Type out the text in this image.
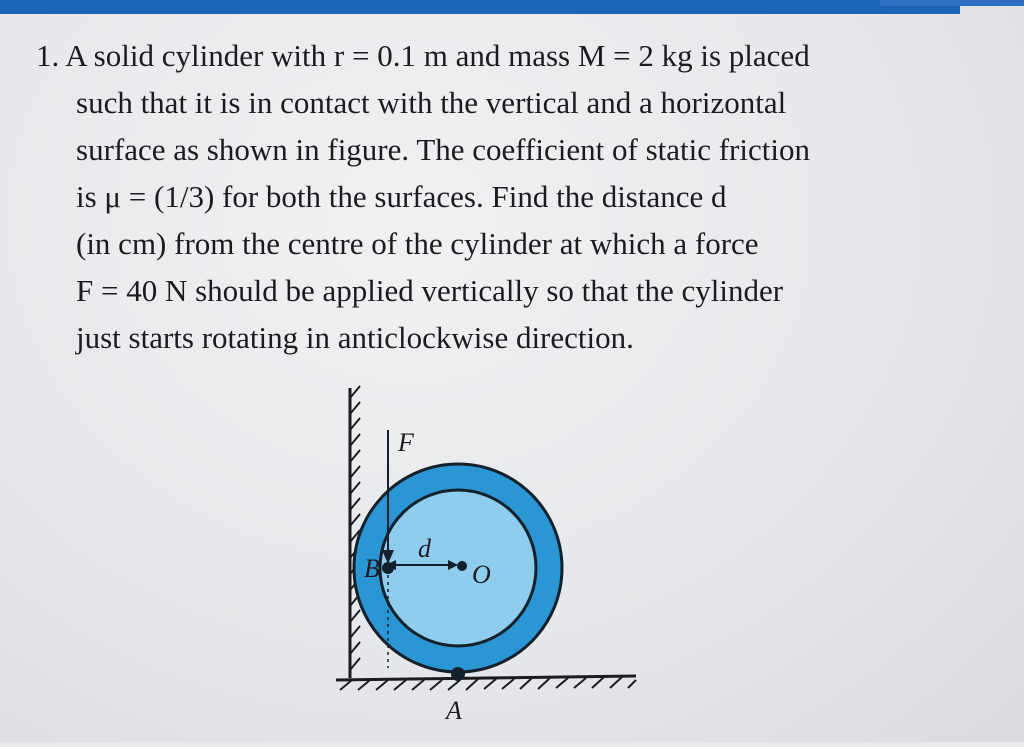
1. A solid cylinder with r = 0.1 m and mass M = 2 kg is placed
such that it is in contact with the vertical and a horizontal
surface as shown in figure. The coefficient of static friction
is μ = (1/3) for both the surfaces. Find the distance d
(in cm) from the centre of the cylinder at which a force
F = 40 N should be applied vertically so that the cylinder
just starts rotating in anticlockwise direction.
F
d
O
B
A
